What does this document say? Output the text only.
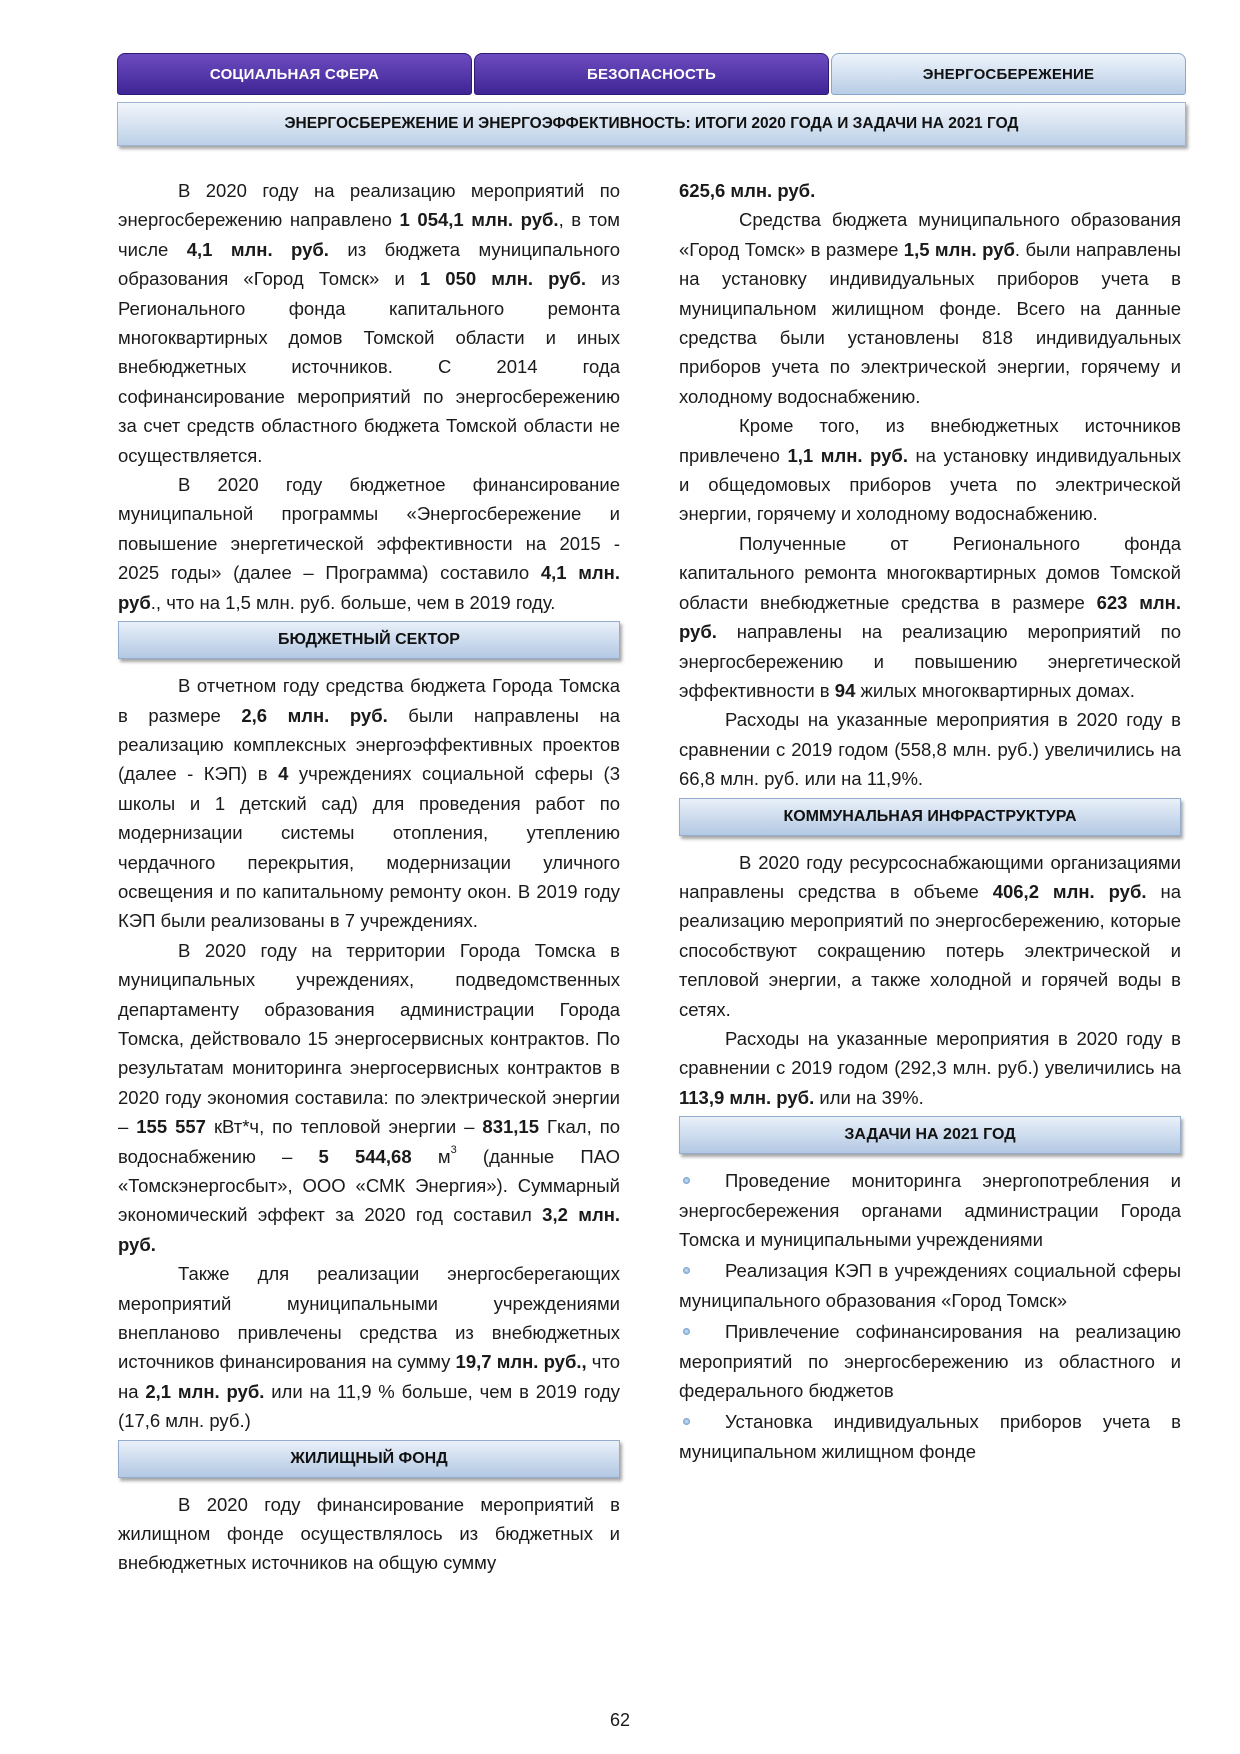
СОЦИАЛЬНАЯ СФЕРА	БЕЗОПАСНОСТЬ	ЭНЕРГОСБЕРЕЖЕНИЕ
ЭНЕРГОСБЕРЕЖЕНИЕ И ЭНЕРГОЭФФЕКТИВНОСТЬ: ИТОГИ 2020 ГОДА И ЗАДАЧИ НА 2021 ГОД

В 2020 году на реализацию мероприятий по энергосбережению направлено 1 054,1 млн. руб., в том числе 4,1 млн. руб. из бюджета муниципального образования «Город Томск» и 1 050 млн. руб. из Регионального фонда капитального ремонта многоквартирных домов Томской области и иных внебюджетных источников. С 2014 года софинансирование мероприятий по энергосбережению за счет средств областного бюджета Томской области не осуществляется.

В 2020 году бюджетное финансирование муниципальной программы «Энергосбережение и повышение энергетической эффективности на 2015 - 2025 годы» (далее – Программа) составило 4,1 млн. руб., что на 1,5 млн. руб. больше, чем в 2019 году.

БЮДЖЕТНЫЙ СЕКТОР

В отчетном году средства бюджета Города Томска в размере 2,6 млн. руб. были направлены на реализацию комплексных энергоэффективных проектов (далее - КЭП) в 4 учреждениях социальной сферы (3 школы и 1 детский сад) для проведения работ по модернизации системы отопления, утеплению чердачного перекрытия, модернизации уличного освещения и по капитальному ремонту окон. В 2019 году КЭП были реализованы в 7 учреждениях.

В 2020 году на территории Города Томска в муниципальных учреждениях, подведомственных департаменту образования администрации Города Томска, действовало 15 энергосервисных контрактов. По результатам мониторинга энергосервисных контрактов в 2020 году экономия составила: по электрической энергии – 155 557 кВт*ч, по тепловой энергии – 831,15 Гкал, по водоснабжению – 5 544,68 $м^3$ (данные ПАО «Томскэнергосбыт», ООО «СМК Энергия»). Суммарный экономический эффект за 2020 год составил 3,2 млн. руб.

Также для реализации энергосберегающих мероприятий муниципальными учреждениями внепланово привлечены средства из внебюджетных источников финансирования на сумму 19,7 млн. руб., что на 2,1 млн. руб. или на 11,9 % больше, чем в 2019 году (17,6 млн. руб.)

ЖИЛИЩНЫЙ ФОНД

В 2020 году финансирование мероприятий в жилищном фонде осуществлялось из бюджетных и внебюджетных источников на общую сумму

625,6 млн. руб.

Средства бюджета муниципального образования «Город Томск» в размере 1,5 млн. руб. были направлены на установку индивидуальных приборов учета в муниципальном жилищном фонде. Всего на данные средства были установлены 818 индивидуальных приборов учета по электрической энергии, горячему и холодному водоснабжению.

Кроме того, из внебюджетных источников привлечено 1,1 млн. руб. на установку индивидуальных и общедомовых приборов учета по электрической энергии, горячему и холодному водоснабжению.

Полученные от Регионального фонда капитального ремонта многоквартирных домов Томской области внебюджетные средства в размере 623 млн. руб. направлены на реализацию мероприятий по энергосбережению и повышению энергетической эффективности в 94 жилых многоквартирных домах.

Расходы на указанные мероприятия в 2020 году в сравнении с 2019 годом (558,8 млн. руб.) увеличились на 66,8 млн. руб. или на 11,9%.

КОММУНАЛЬНАЯ ИНФРАСТРУКТУРА

В 2020 году ресурсоснабжающими организациями направлены средства в объеме 406,2 млн. руб. на реализацию мероприятий по энергосбережению, которые способствуют сокращению потерь электрической и тепловой энергии, а также холодной и горячей воды в сетях.

Расходы на указанные мероприятия в 2020 году в сравнении с 2019 годом (292,3 млн. руб.) увеличились на 113,9 млн. руб. или на 39%.

ЗАДАЧИ НА 2021 ГОД

Проведение мониторинга энергопотребления и энергосбережения органами администрации Города Томска и муниципальными учреждениями

Реализация КЭП в учреждениях социальной сферы муниципального образования «Город Томск»

Привлечение софинансирования на реализацию мероприятий по энергосбережению из областного и федерального бюджетов

Установка индивидуальных приборов учета в муниципальном жилищном фонде

62
